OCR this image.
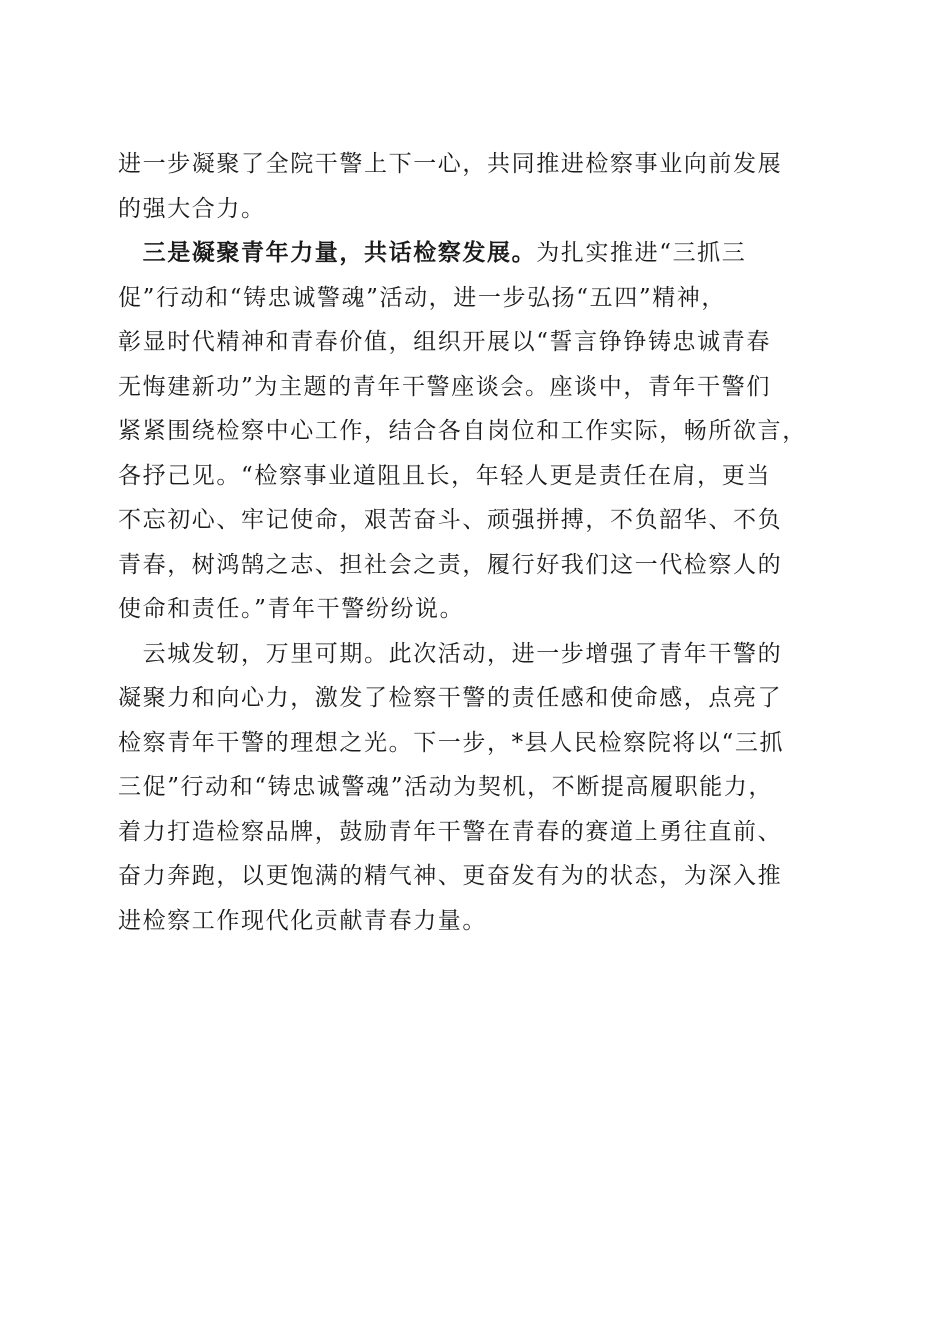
进一步凝聚了全院干警上下一心，共同推进检察事业向前发展
的强大合力。
　三是凝聚青年力量，共话检察发展。为扎实推进“三抓三
促”行动和“铸忠诚警魂”活动，进一步弘扬“五四”精神，
彰显时代精神和青春价值，组织开展以“誓言铮铮铸忠诚青春
无悔建新功”为主题的青年干警座谈会。座谈中，青年干警们
紧紧围绕检察中心工作，结合各自岗位和工作实际，畅所欲言，
各抒己见。“检察事业道阻且长，年轻人更是责任在肩，更当
不忘初心、牢记使命，艰苦奋斗、顽强拼搏，不负韶华、不负
青春，树鸿鹄之志、担社会之责，履行好我们这一代检察人的
使命和责任。”青年干警纷纷说。
　云城发轫，万里可期。此次活动，进一步增强了青年干警的
凝聚力和向心力，激发了检察干警的责任感和使命感，点亮了
检察青年干警的理想之光。下一步，*县人民检察院将以“三抓
三促”行动和“铸忠诚警魂”活动为契机，不断提高履职能力，
着力打造检察品牌，鼓励青年干警在青春的赛道上勇往直前、
奋力奔跑，以更饱满的精气神、更奋发有为的状态，为深入推
进检察工作现代化贡献青春力量。
